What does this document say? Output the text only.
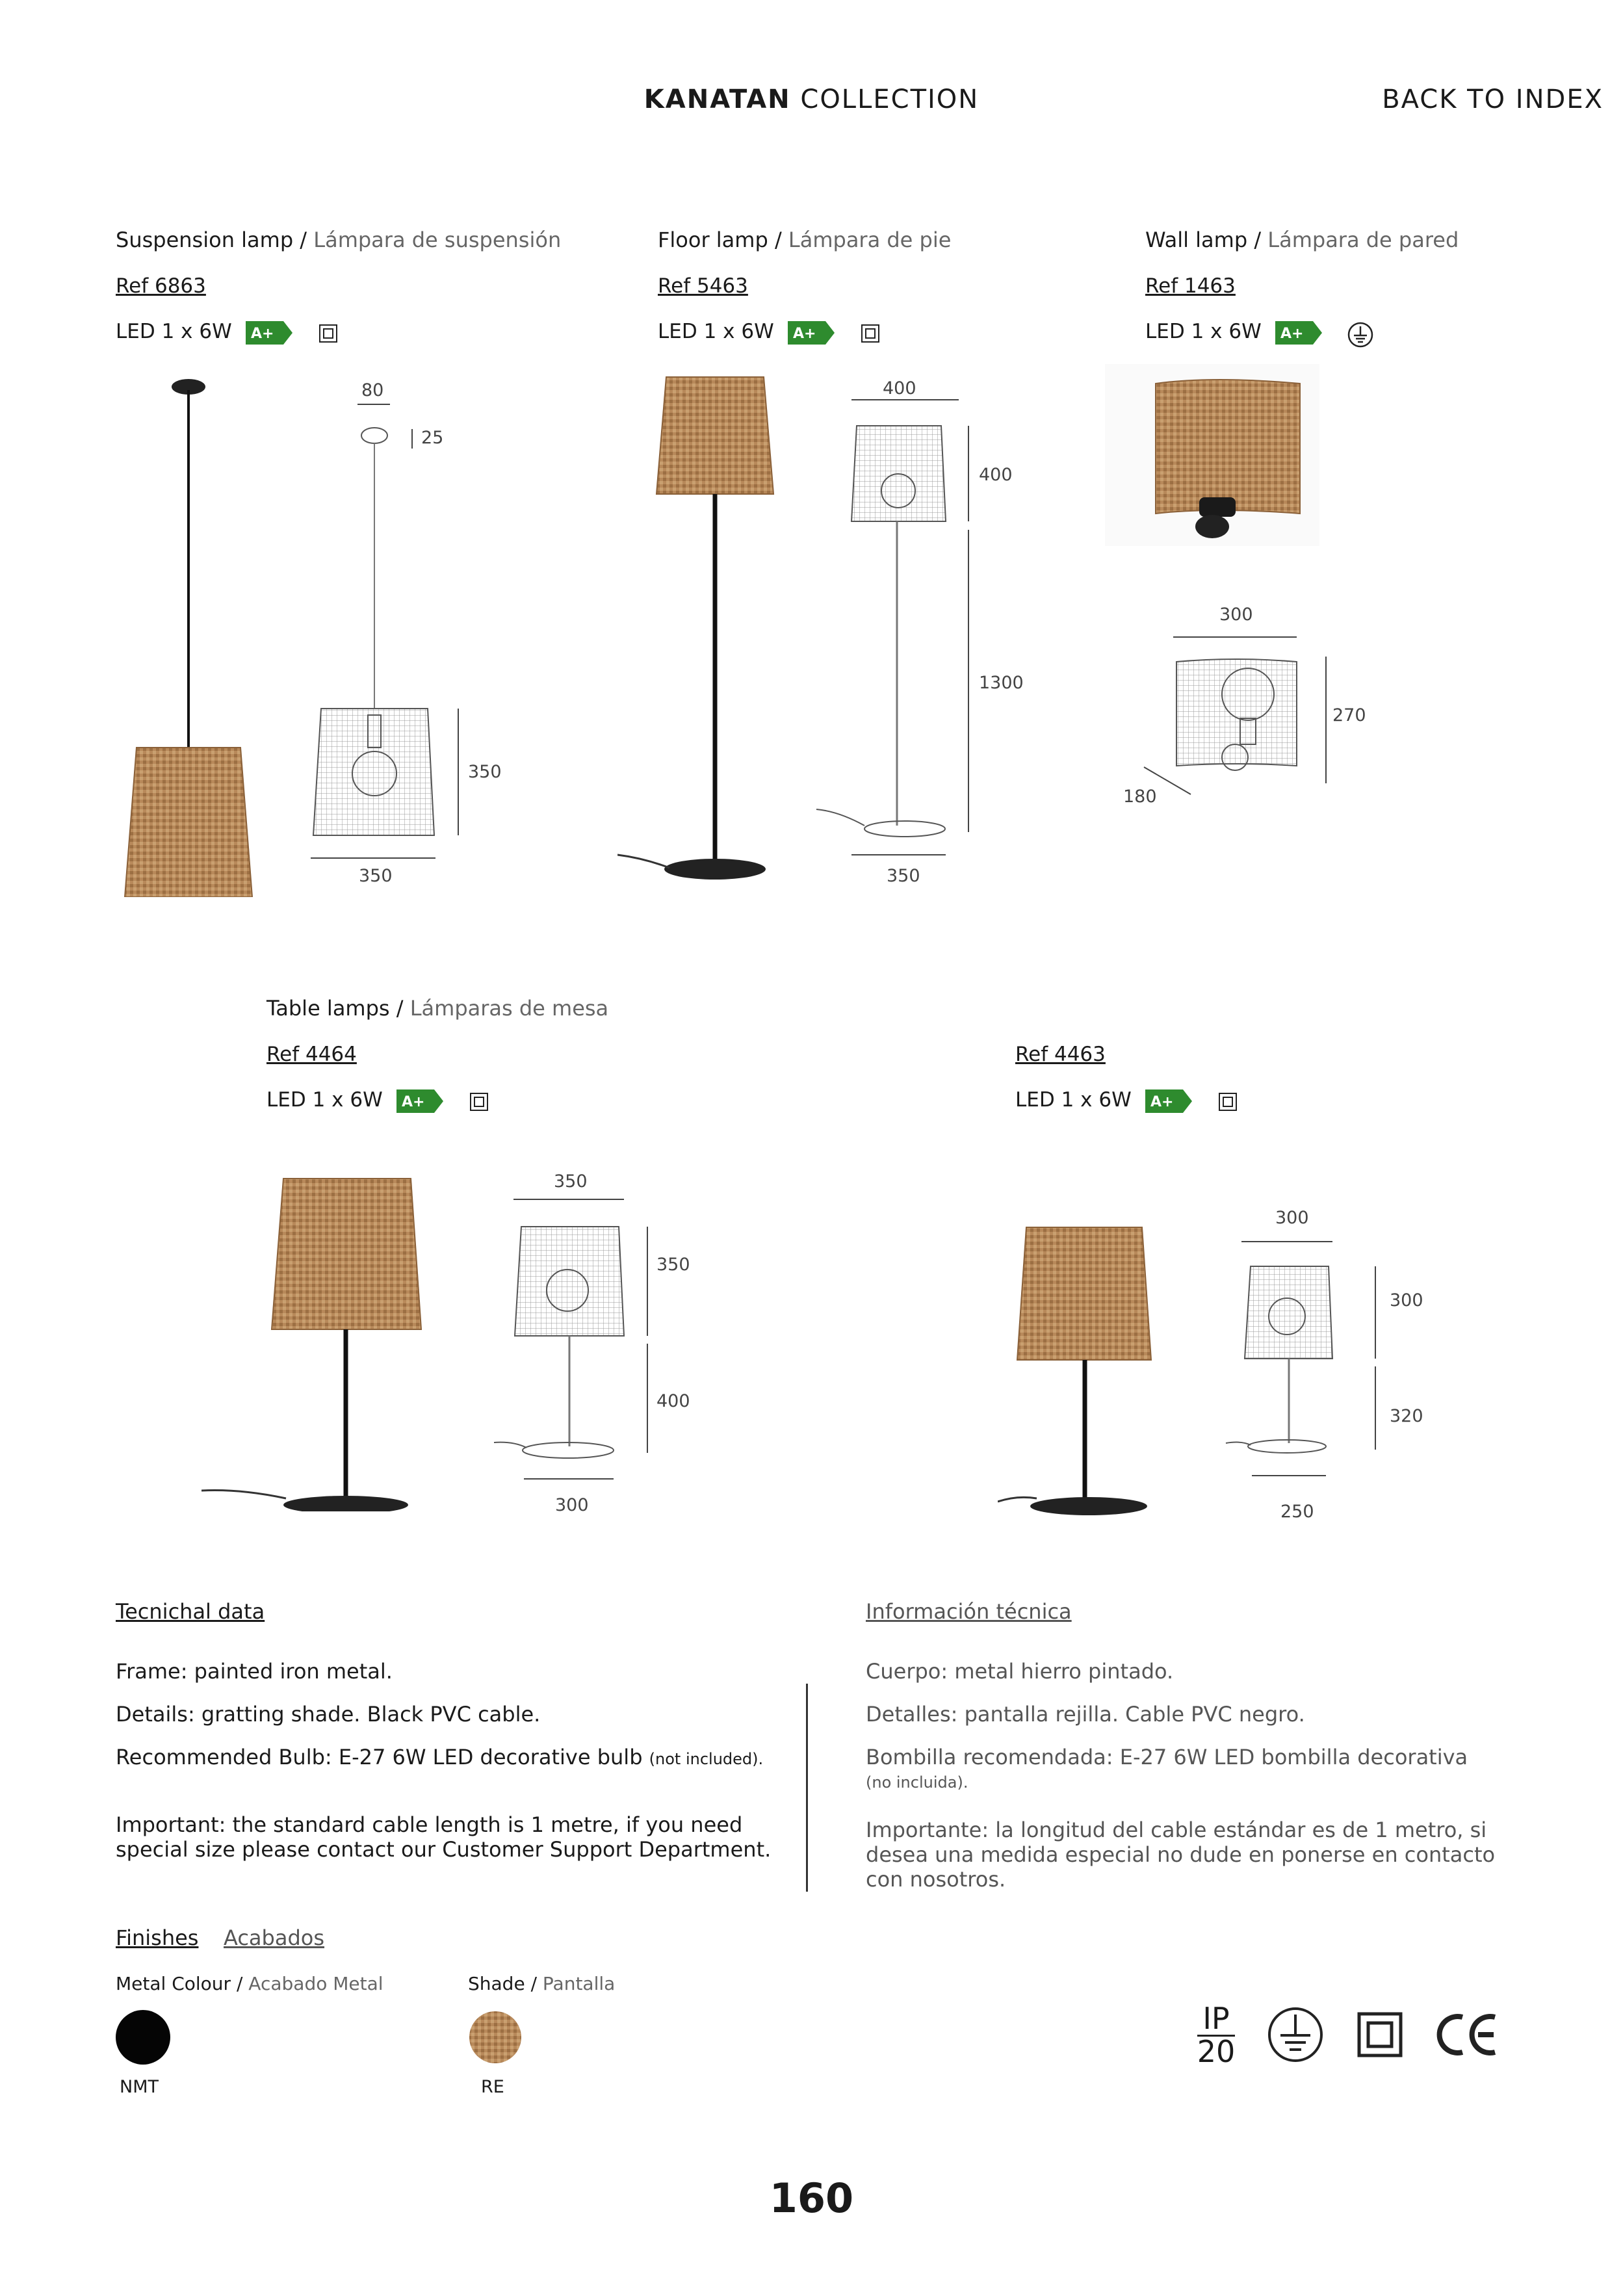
KANATAN COLLECTION	BACK TO INDEX
Suspension lamp / Lámpara de suspensión
Ref 6863
LED 1 x 6W A+
80
25
350
350
Floor lamp / Lámpara de pie
Ref 5463
LED 1 x 6W A+
400
400
1300
350
Wall lamp / Lámpara de pared
Ref 1463
LED 1 x 6W A+
300
270
180
Table lamps / Lámparas de mesa
Ref 4464
LED 1 x 6W A+
Ref 4463
LED 1 x 6W A+
350
350
400
300
300
300
320
250
Tecnichal data	Información técnica
Frame: painted iron metal.
Details: gratting shade. Black PVC cable.
Recommended Bulb: E-27 6W LED decorative bulb (not included).
Important: the standard cable length is 1 metre, if you need
special size please contact our Customer Support Department.
Cuerpo: metal hierro pintado.
Detalles: pantalla rejilla. Cable PVC negro.
Bombilla recomendada: E-27 6W LED bombilla decorativa
(no incluida).
Importante: la longitud del cable estándar es de 1 metro, si
desea una medida especial no dude en ponerse en contacto
con nosotros.
Finishes Acabados
Metal Colour / Acabado Metal	Shade / Pantalla
NMT	RE
IP
20
160
